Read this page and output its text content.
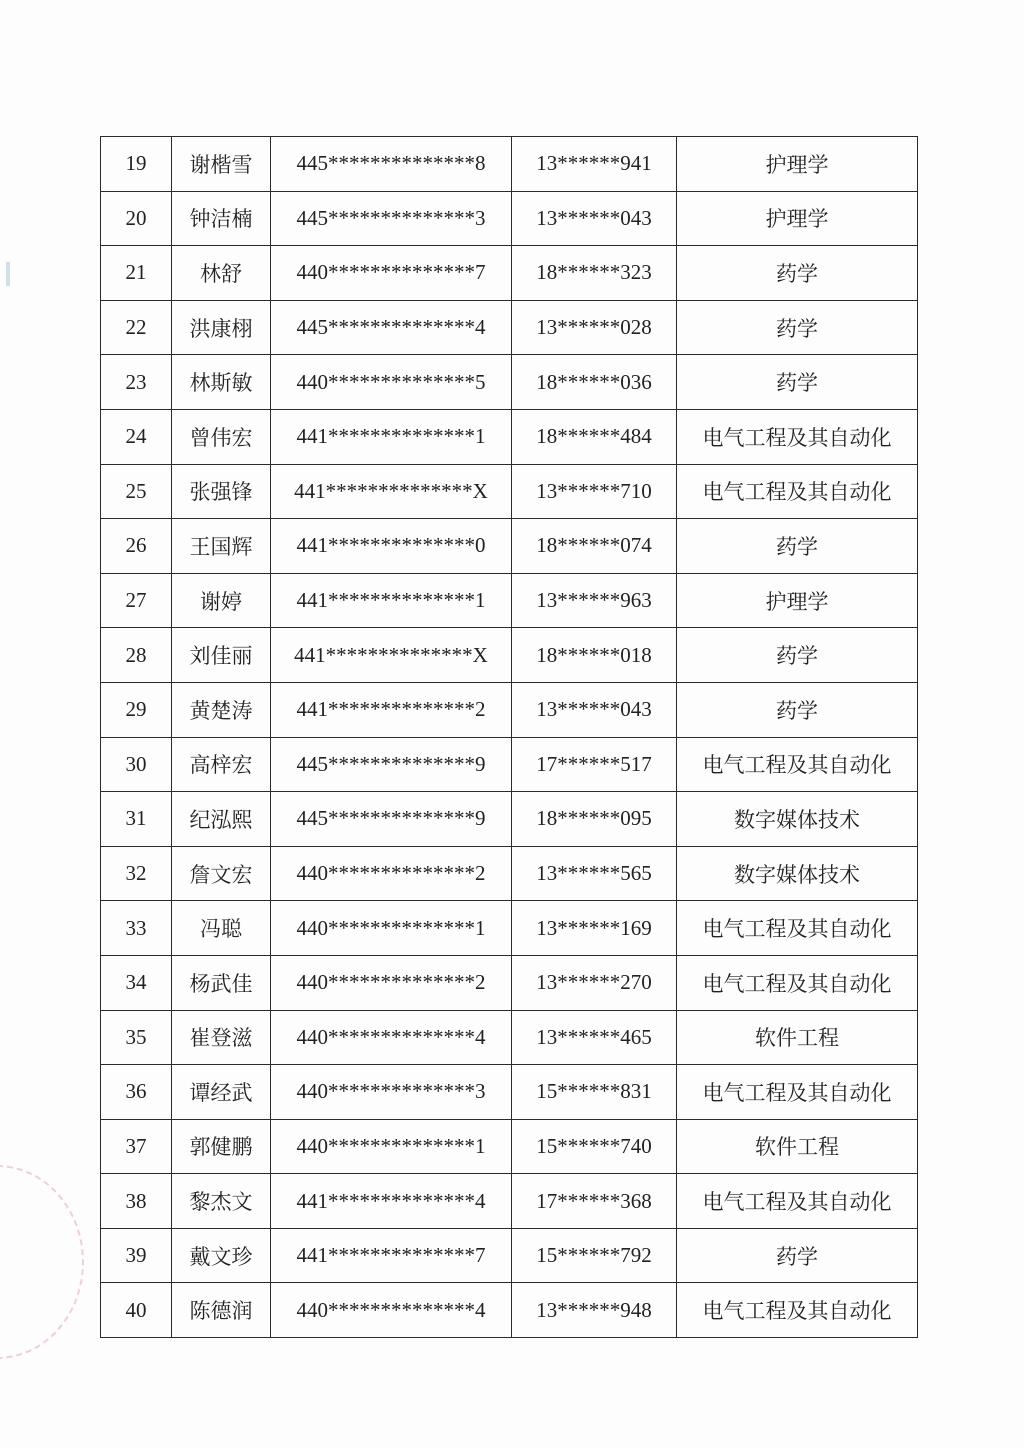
19	谢楷雪	445**************8	13******941	护理学
20	钟洁楠	445**************3	13******043	护理学
21	林舒	440**************7	18******323	药学
22	洪康栩	445**************4	13******028	药学
23	林斯敏	440**************5	18******036	药学
24	曾伟宏	441**************1	18******484	电气工程及其自动化
25	张强锋	441**************X	13******710	电气工程及其自动化
26	王国辉	441**************0	18******074	药学
27	谢婷	441**************1	13******963	护理学
28	刘佳丽	441**************X	18******018	药学
29	黄楚涛	441**************2	13******043	药学
30	高梓宏	445**************9	17******517	电气工程及其自动化
31	纪泓熙	445**************9	18******095	数字媒体技术
32	詹文宏	440**************2	13******565	数字媒体技术
33	冯聪	440**************1	13******169	电气工程及其自动化
34	杨武佳	440**************2	13******270	电气工程及其自动化
35	崔登滋	440**************4	13******465	软件工程
36	谭经武	440**************3	15******831	电气工程及其自动化
37	郭健鹏	440**************1	15******740	软件工程
38	黎杰文	441**************4	17******368	电气工程及其自动化
39	戴文珍	441**************7	15******792	药学
40	陈德润	440**************4	13******948	电气工程及其自动化
